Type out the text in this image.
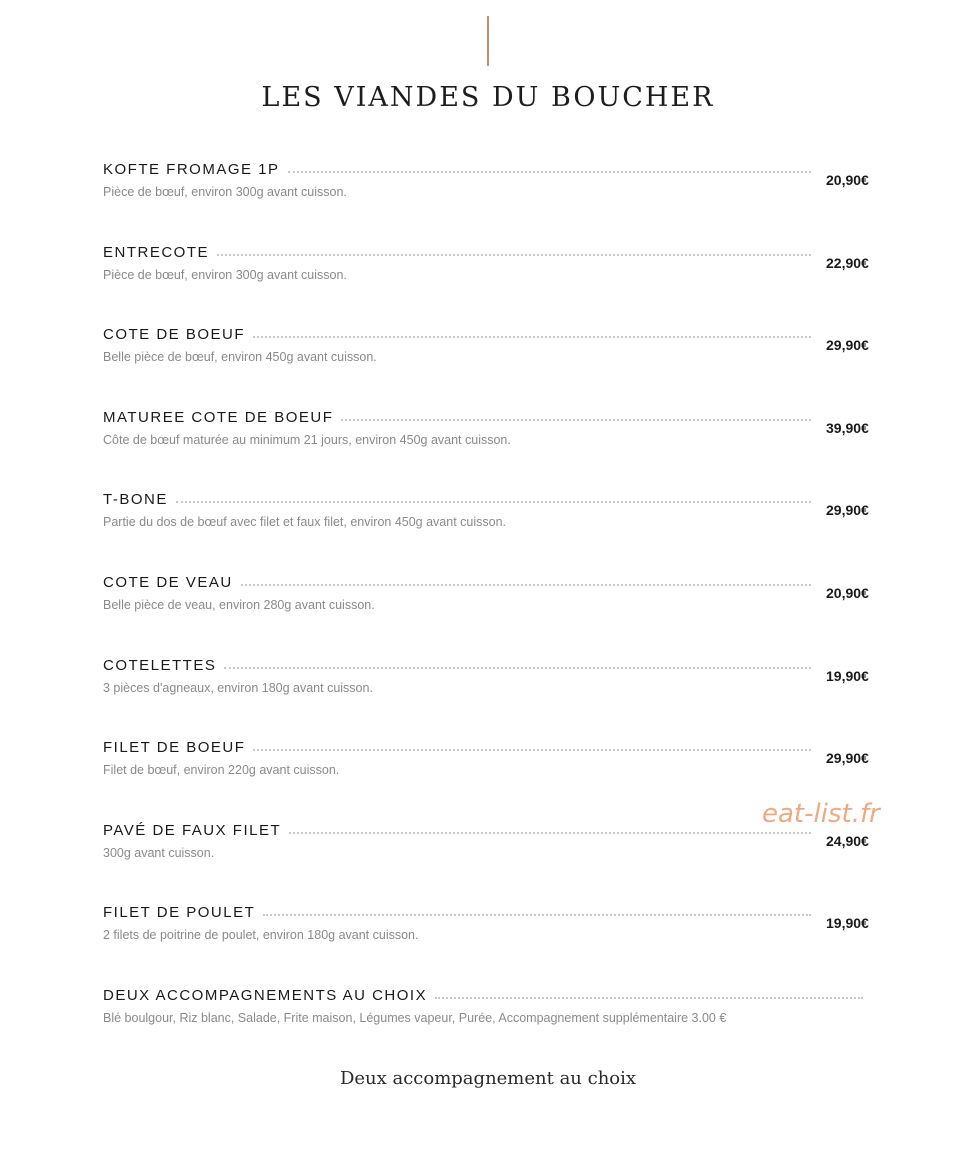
LES VIANDES DU BOUCHER
KOFTE FROMAGE 1P
20,90€
Pièce de bœuf, environ 300g avant cuisson.
ENTRECOTE
22,90€
Pièce de bœuf, environ 300g avant cuisson.
COTE DE BOEUF
29,90€
Belle pièce de bœuf, environ 450g avant cuisson.
MATUREE COTE DE BOEUF
39,90€
Côte de bœuf maturée au minimum 21 jours, environ 450g avant cuisson.
T-BONE
29,90€
Partie du dos de bœuf avec filet et faux filet, environ 450g avant cuisson.
COTE DE VEAU
20,90€
Belle pièce de veau, environ 280g avant cuisson.
COTELETTES
19,90€
3 pièces d'agneaux, environ 180g avant cuisson.
FILET DE BOEUF
29,90€
Filet de bœuf, environ 220g avant cuisson.
PAVÉ DE FAUX FILET
24,90€
300g avant cuisson.
FILET DE POULET
19,90€
2 filets de poitrine de poulet, environ 180g avant cuisson.
DEUX ACCOMPAGNEMENTS AU CHOIX
Blé boulgour, Riz blanc, Salade, Frite maison, Légumes vapeur, Purée, Accompagnement supplémentaire 3.00 €
eat-list.fr
Deux accompagnement au choix
